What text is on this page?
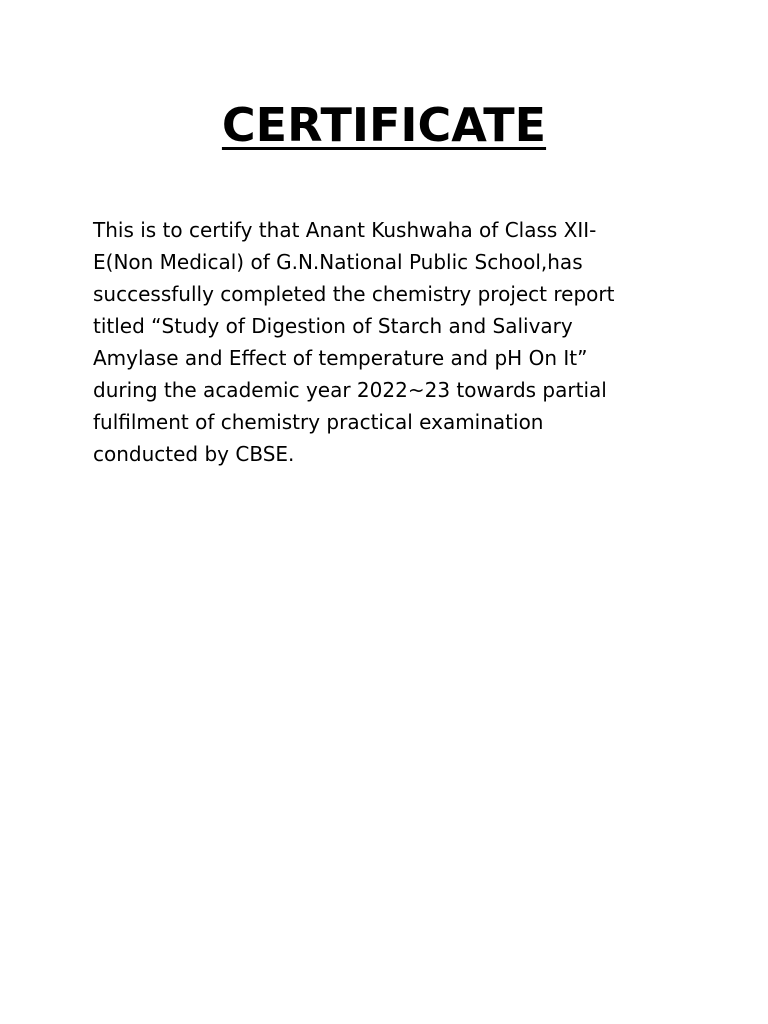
CERTIFICATE
This is to certify that Anant Kushwaha of Class XII-
E(Non Medical) of G.N.National Public School,has
successfully completed the chemistry project report
titled “Study of Digestion of Starch and Salivary
Amylase and Effect of temperature and pH On It”
during the academic year 2022~23 towards partial
fulfilment of chemistry practical examination
conducted by CBSE.
